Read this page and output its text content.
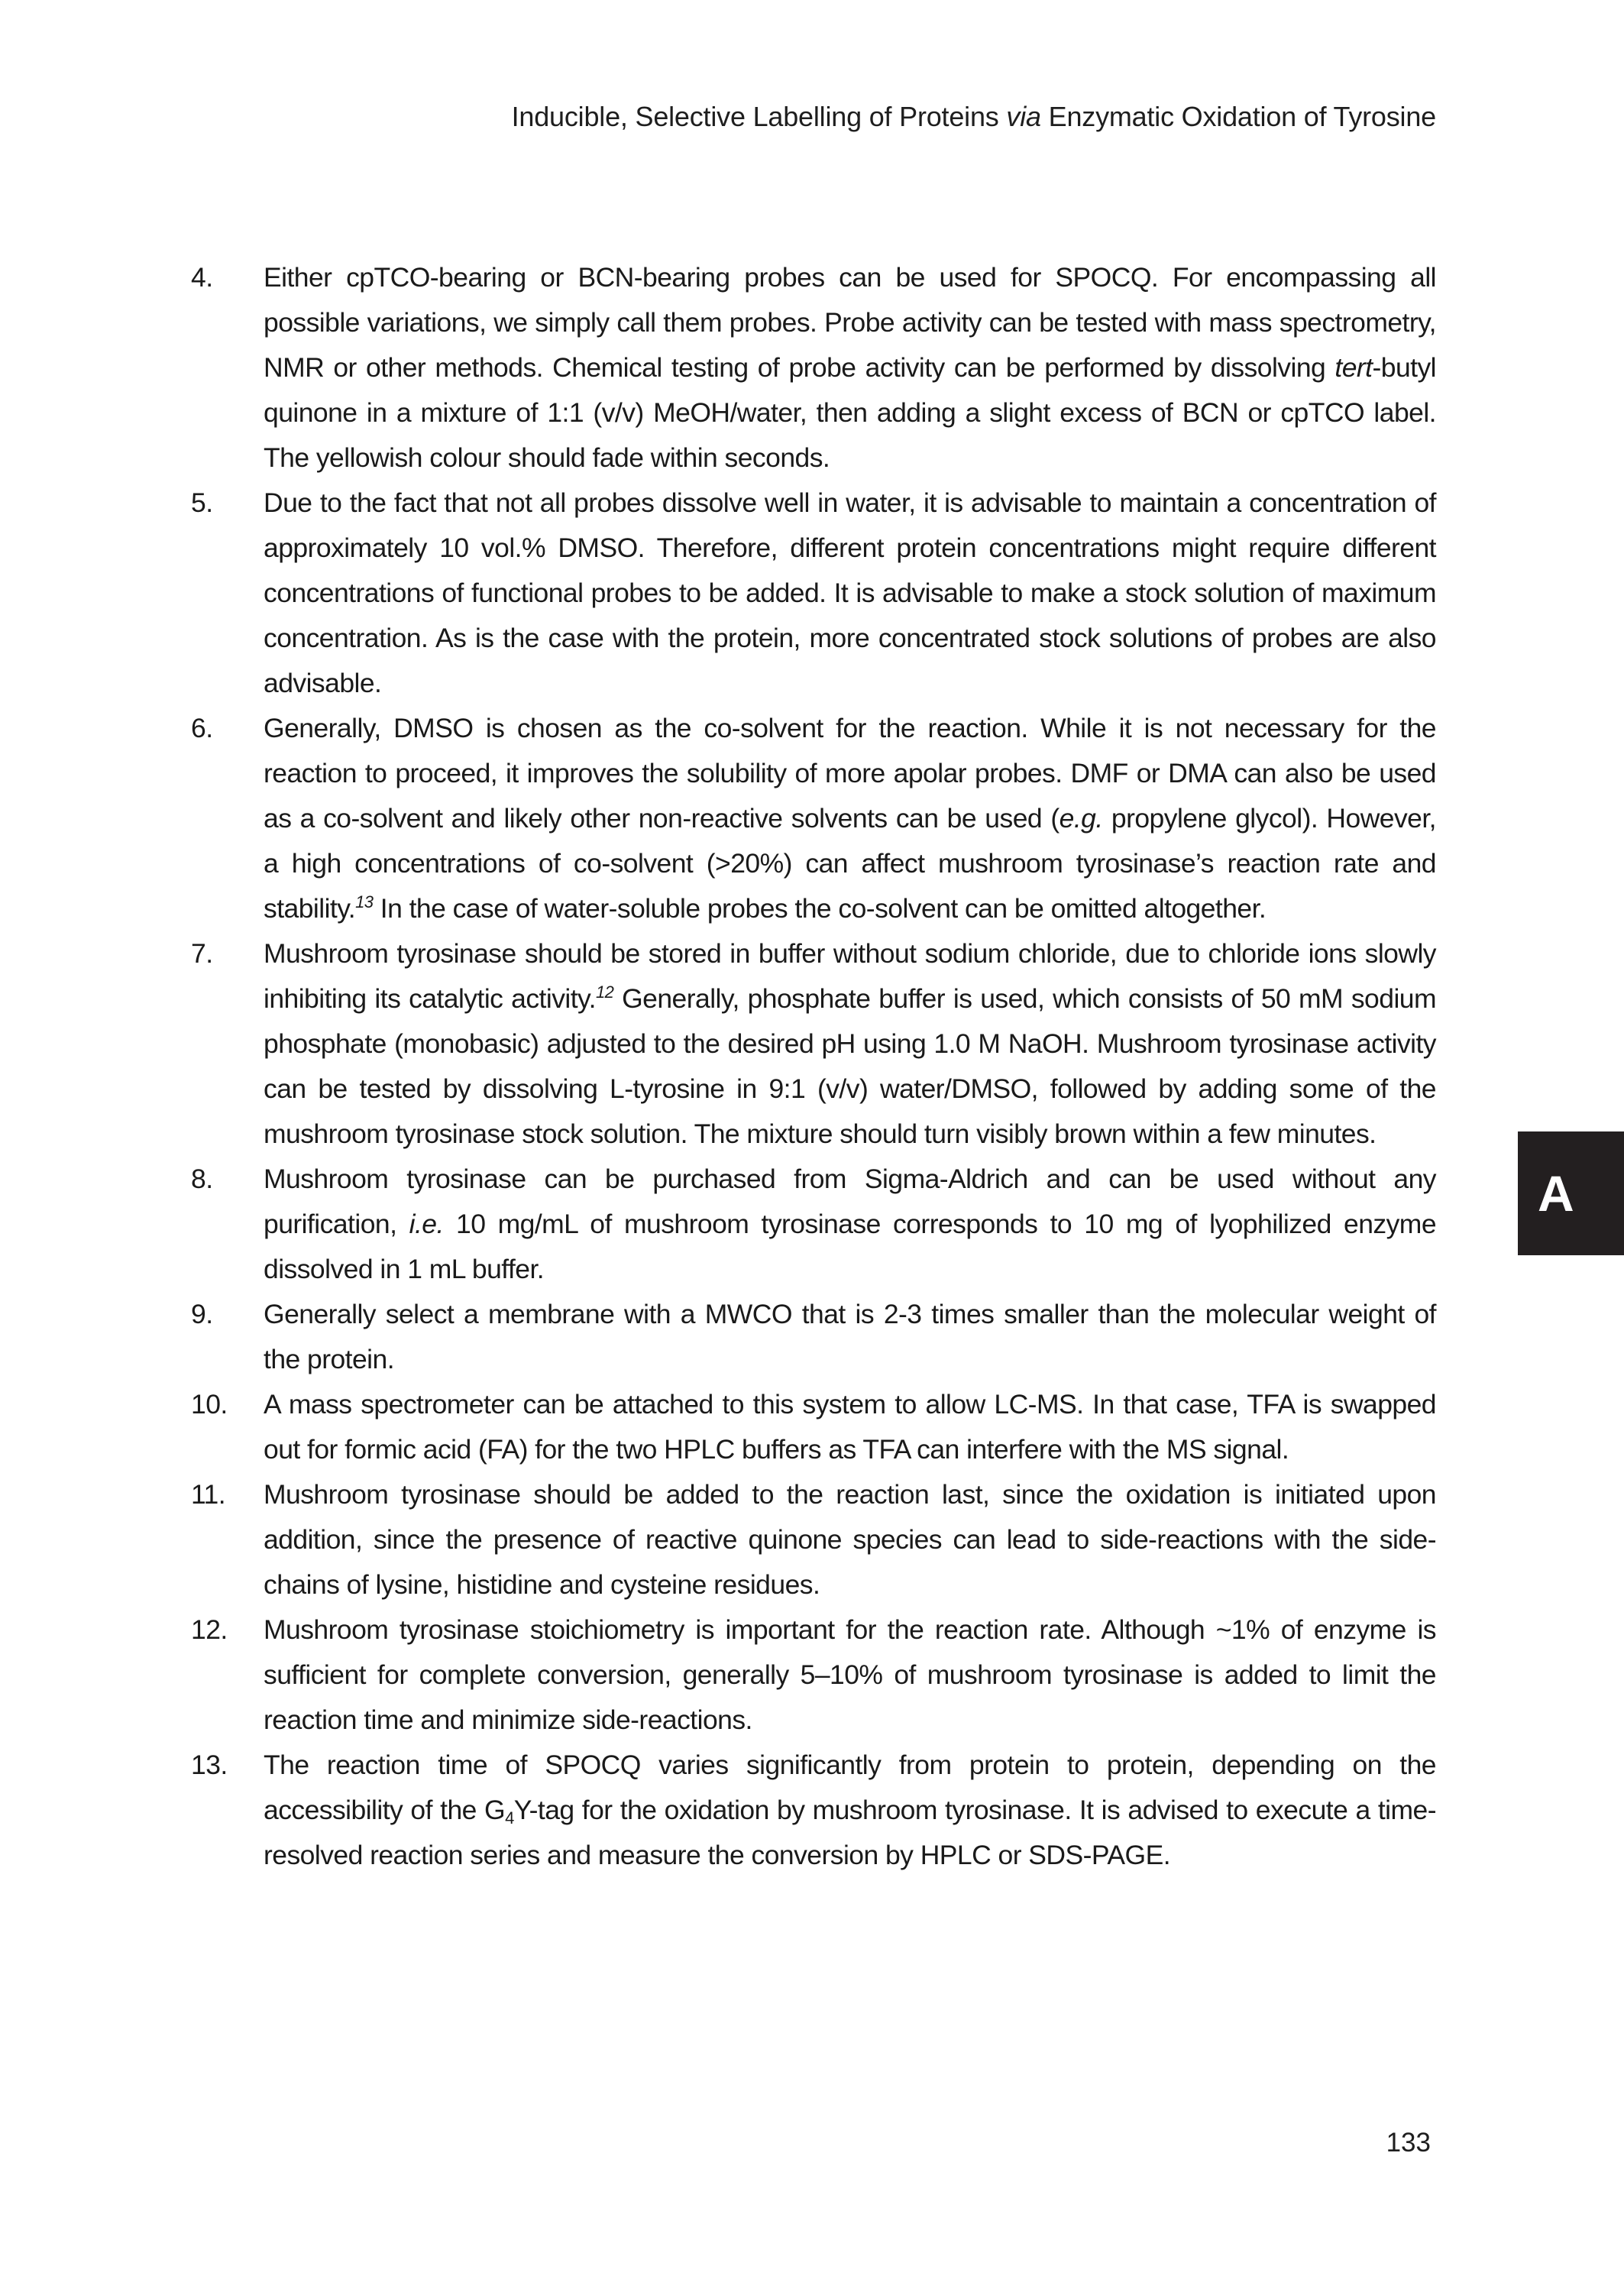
Inducible, Selective Labelling of Proteins via Enzymatic Oxidation of Tyrosine
4.	Either cpTCO-bearing or BCN-bearing probes can be used for SPOCQ. For encompassing all possible variations, we simply call them probes. Probe activity can be tested with mass spectrometry, NMR or other methods. Chemical testing of probe activity can be performed by dissolving tert-butyl quinone in a mixture of 1:1 (v/v) MeOH/water, then adding a slight excess of BCN or cpTCO label. The yellowish colour should fade within seconds.
5.	Due to the fact that not all probes dissolve well in water, it is advisable to maintain a concentration of approximately 10 vol.% DMSO. Therefore, different protein concentrations might require different concentrations of functional probes to be added. It is advisable to make a stock solution of maximum concentration. As is the case with the protein, more concentrated stock solutions of probes are also advisable.
6.	Generally, DMSO is chosen as the co-solvent for the reaction. While it is not necessary for the reaction to proceed, it improves the solubility of more apolar probes. DMF or DMA can also be used as a co-solvent and likely other non-reactive solvents can be used (e.g. propylene glycol). However, a high concentrations of co-solvent (>20%) can affect mushroom tyrosinase’s reaction rate and stability.$^{13}$ In the case of water-soluble probes the co-solvent can be omitted altogether.
7.	Mushroom tyrosinase should be stored in buffer without sodium chloride, due to chloride ions slowly inhibiting its catalytic activity.$^{12}$ Generally, phosphate buffer is used, which consists of 50 mM sodium phosphate (monobasic) adjusted to the desired pH using 1.0 M NaOH. Mushroom tyrosinase activity can be tested by dissolving L-tyrosine in 9:1 (v/v) water/DMSO, followed by adding some of the mushroom tyrosinase stock solution. The mixture should turn visibly brown within a few minutes.
8.	Mushroom tyrosinase can be purchased from Sigma-Aldrich and can be used without any purification, i.e. 10 mg/mL of mushroom tyrosinase corresponds to 10 mg of lyophilized enzyme dissolved in 1 mL buffer.
9.	Generally select a membrane with a MWCO that is 2-3 times smaller than the molecular weight of the protein.
10.	A mass spectrometer can be attached to this system to allow LC-MS. In that case, TFA is swapped out for formic acid (FA) for the two HPLC buffers as TFA can interfere with the MS signal.
11.	Mushroom tyrosinase should be added to the reaction last, since the oxidation is initiated upon addition, since the presence of reactive quinone species can lead to side-reactions with the side-chains of lysine, histidine and cysteine residues.
12.	Mushroom tyrosinase stoichiometry is important for the reaction rate. Although ~1% of enzyme is sufficient for complete conversion, generally 5–10% of mushroom tyrosinase is added to limit the reaction time and minimize side-reactions.
13.	The reaction time of SPOCQ varies significantly from protein to protein, depending on the accessibility of the $G_4Y$-tag for the oxidation by mushroom tyrosinase. It is advised to execute a time-resolved reaction series and measure the conversion by HPLC or SDS-PAGE.
A
133
